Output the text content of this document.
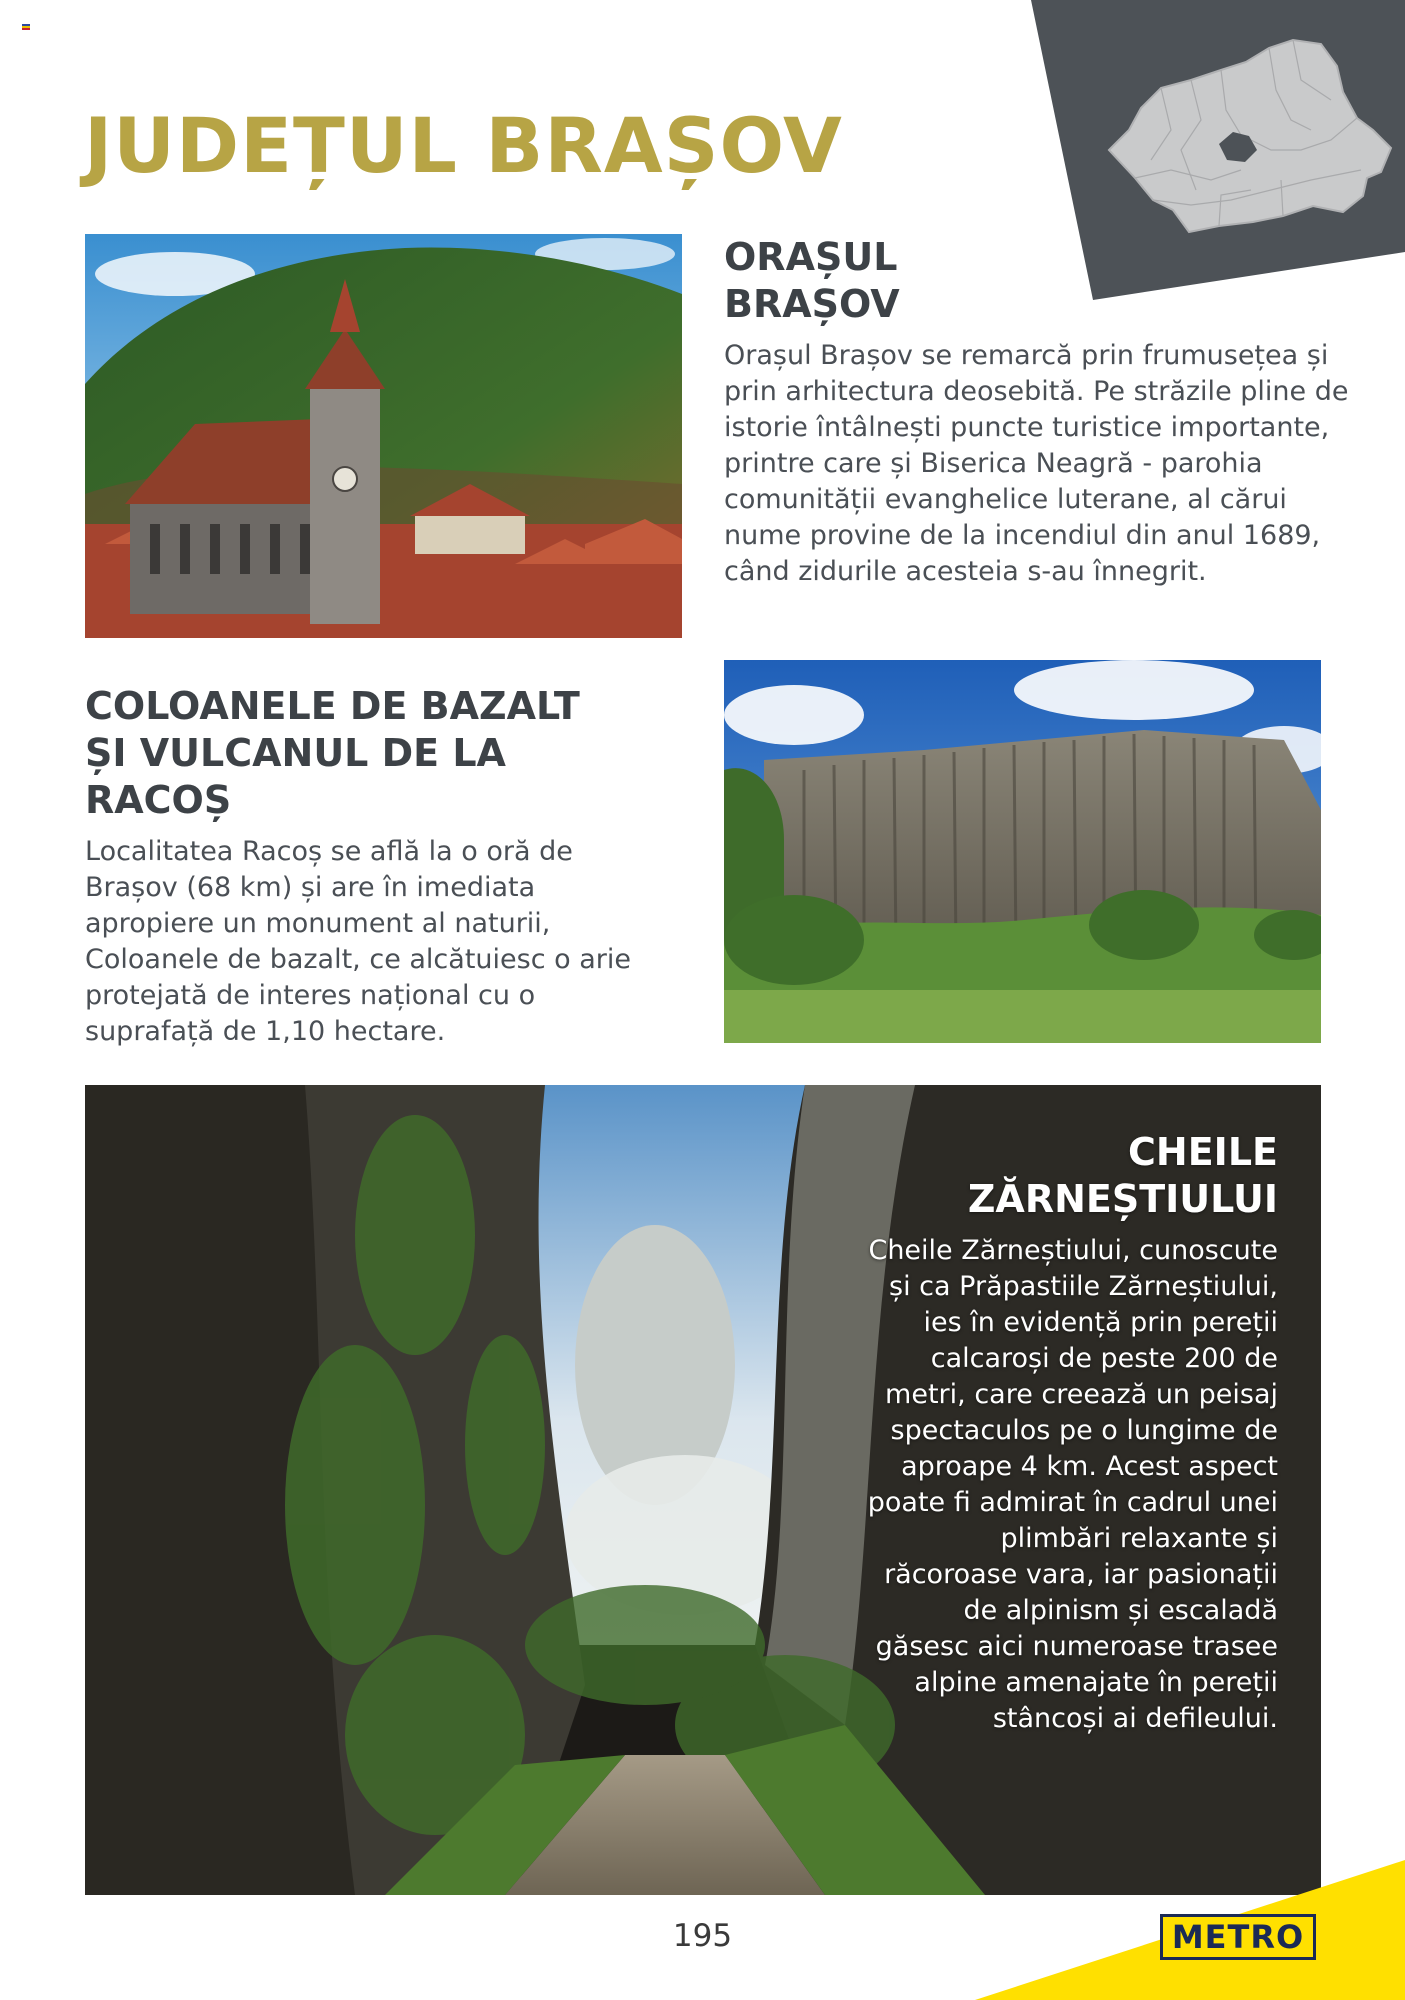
JUDEȚUL BRAȘOV
ORAȘUL
BRAȘOV

Orașul Brașov se remarcă prin frumusețea și prin arhitectura deosebită. Pe străzile pline de istorie întâlnești puncte turistice importante, printre care și Biserica Neagră - parohia comunității evanghelice luterane, al cărui nume provine de la incendiul din anul 1689, când zidurile acesteia s-au înnegrit.

COLOANELE DE BAZALT
ȘI VULCANUL DE LA
RACOȘ

Localitatea Racoș se află la o oră de Brașov (68 km) și are în imediata apropiere un monument al naturii, Coloanele de bazalt, ce alcătuiesc o arie protejată de interes național cu o suprafață de 1,10 hectare.

CHEILE
ZĂRNEȘTIULUI

Cheile Zărneștiului, cunoscute și ca Prăpastiile Zărneștiului, ies în evidență prin pereții calcaroși de peste 200 de metri, care creează un peisaj spectaculos pe o lungime de aproape 4 km. Acest aspect poate fi admirat în cadrul unei plimbări relaxante și răcoroase vara, iar pasionații de alpinism și escaladă găsesc aici numeroase trasee alpine amenajate în pereții stâncoși ai defileului.

195	METRO
